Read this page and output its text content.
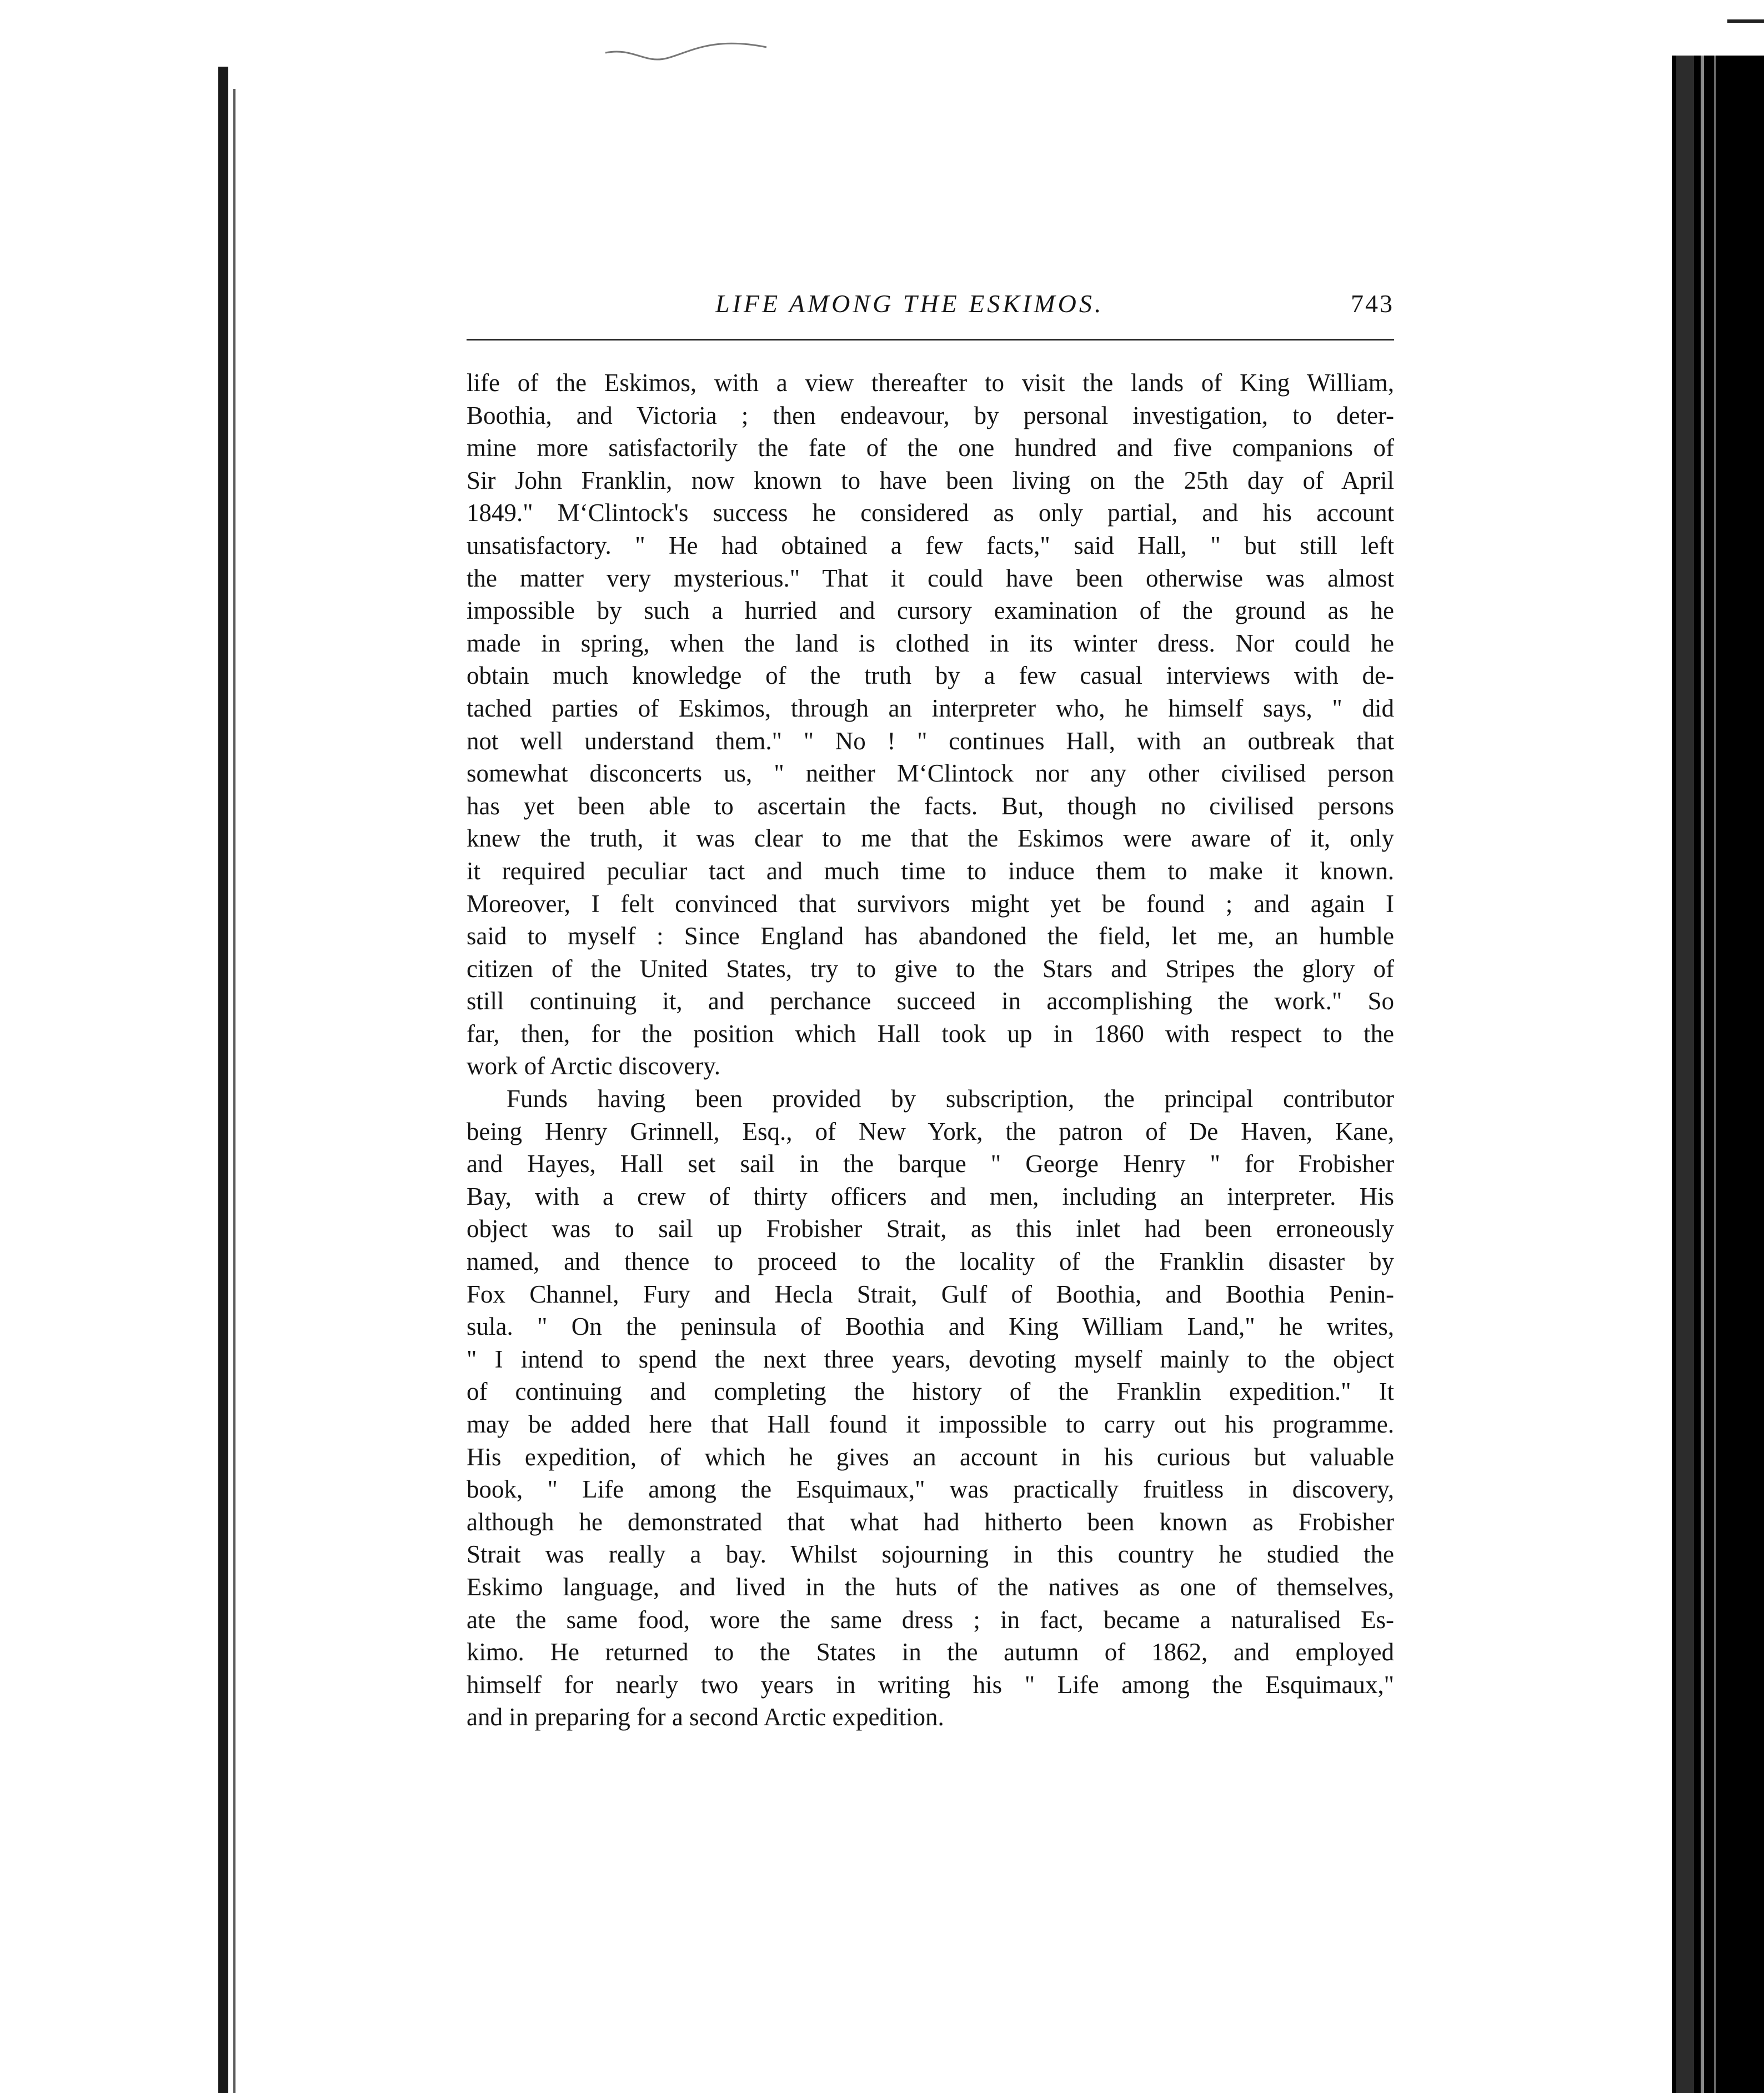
LIFE AMONG THE ESKIMOS.	743
life of the Eskimos, with a view thereafter to visit the lands of King William,
Boothia, and Victoria ; then endeavour, by personal investigation, to deter-
mine more satisfactorily the fate of the one hundred and five companions of
Sir John Franklin, now known to have been living on the 25th day of April
1849." M‘Clintock's success he considered as only partial, and his account
unsatisfactory. " He had obtained a few facts," said Hall, " but still left
the matter very mysterious." That it could have been otherwise was almost
impossible by such a hurried and cursory examination of the ground as he
made in spring, when the land is clothed in its winter dress. Nor could he
obtain much knowledge of the truth by a few casual interviews with de-
tached parties of Eskimos, through an interpreter who, he himself says, " did
not well understand them." " No ! " continues Hall, with an outbreak that
somewhat disconcerts us, " neither M‘Clintock nor any other civilised person
has yet been able to ascertain the facts. But, though no civilised persons
knew the truth, it was clear to me that the Eskimos were aware of it, only
it required peculiar tact and much time to induce them to make it known.
Moreover, I felt convinced that survivors might yet be found ; and again I
said to myself : Since England has abandoned the field, let me, an humble
citizen of the United States, try to give to the Stars and Stripes the glory of
still continuing it, and perchance succeed in accomplishing the work." So
far, then, for the position which Hall took up in 1860 with respect to the
work of Arctic discovery.
Funds having been provided by subscription, the principal contributor
being Henry Grinnell, Esq., of New York, the patron of De Haven, Kane,
and Hayes, Hall set sail in the barque " George Henry " for Frobisher
Bay, with a crew of thirty officers and men, including an interpreter. His
object was to sail up Frobisher Strait, as this inlet had been erroneously
named, and thence to proceed to the locality of the Franklin disaster by
Fox Channel, Fury and Hecla Strait, Gulf of Boothia, and Boothia Penin-
sula. " On the peninsula of Boothia and King William Land," he writes,
" I intend to spend the next three years, devoting myself mainly to the object
of continuing and completing the history of the Franklin expedition." It
may be added here that Hall found it impossible to carry out his programme.
His expedition, of which he gives an account in his curious but valuable
book, " Life among the Esquimaux," was practically fruitless in discovery,
although he demonstrated that what had hitherto been known as Frobisher
Strait was really a bay. Whilst sojourning in this country he studied the
Eskimo language, and lived in the huts of the natives as one of themselves,
ate the same food, wore the same dress ; in fact, became a naturalised Es-
kimo. He returned to the States in the autumn of 1862, and employed
himself for nearly two years in writing his " Life among the Esquimaux,"
and in preparing for a second Arctic expedition.
